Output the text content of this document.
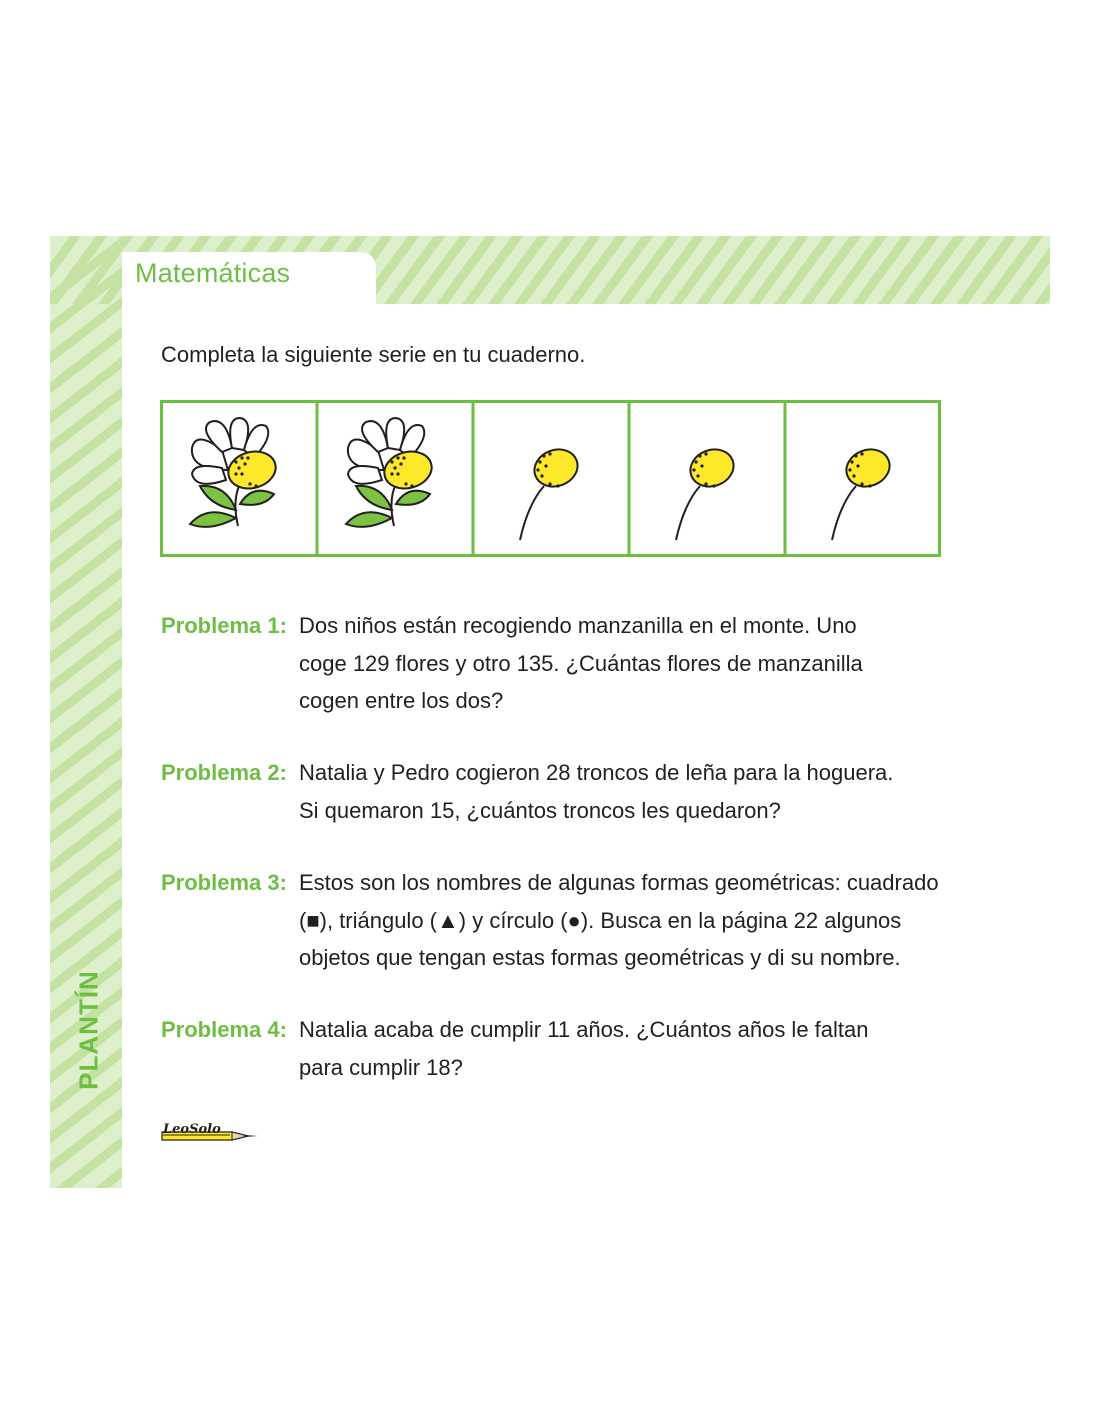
Matemáticas
PLANTÍN
Completa la siguiente serie en tu cuaderno.
Problema 1: Dos niños están recogiendo manzanilla en el monte. Uno
coge 129 flores y otro 135. ¿Cuántas flores de manzanilla
cogen entre los dos?
Problema 2: Natalia y Pedro cogieron 28 troncos de leña para la hoguera.
Si quemaron 15, ¿cuántos troncos les quedaron?
Problema 3: Estos son los nombres de algunas formas geométricas: cuadrado
(■), triángulo (▲) y círculo (●). Busca en la página 22 algunos
objetos que tengan estas formas geométricas y di su nombre.
Problema 4: Natalia acaba de cumplir 11 años. ¿Cuántos años le faltan
para cumplir 18?
LeoSolo
